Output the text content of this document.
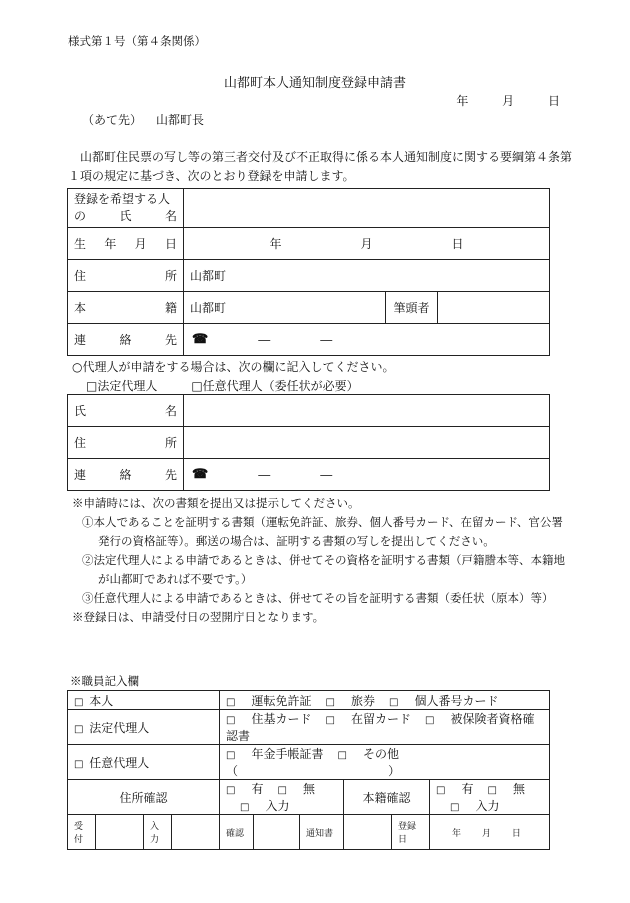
様式第１号（第４条関係）
山都町本人通知制度登録申請書
年 月 日
（あて先） 山都町長
山都町住民票の写し等の第三者交付及び不正取得に係る本人通知制度に関する要綱第４条第１項の規定に基づき、次のとおり登録を申請します。
登録を希望する人
の 氏 名			

生年月日	年 月 日		

住所	山都町		
本籍	山都町	筆頭者	
連絡先	☎ ― ―		
○代理人が申請をする場合は、次の欄に記入してください。
□法定代理人	□任意代理人（委任状が必要）
氏名	
住所	
連絡先	☎ ― ―
※申請時には、次の書類を提出又は提示してください。
①本人であることを証明する書類（運転免許証、旅券、個人番号カード、在留カード、官公署
発行の資格証等）。郵送の場合は、証明する書類の写しを提出してください。
②法定代理人による申請であるときは、併せてその資格を証明する書類（戸籍謄本等、本籍地
が山都町であれば不要です。）
③任意代理人による申請であるときは、併せてその旨を証明する書類（委任状（原本）等）
※登録日は、申請受付日の翌開庁日となります。
※職員記入欄
□ 本人				□ 運転免許証 □ 旅券 □ 個人番号カード					
□ 法定代理人				□ 住基カード □ 在留カード □ 被保険者資格確認書					
□ 任意代理人				□ 年金手帳証書 □ その他（ ）					
住所確認				□ 有 □ 無□ 入力			本籍確認		□ 有 □ 無□ 入力
受付		入力		確認		通知書		登録日	年 月 日
